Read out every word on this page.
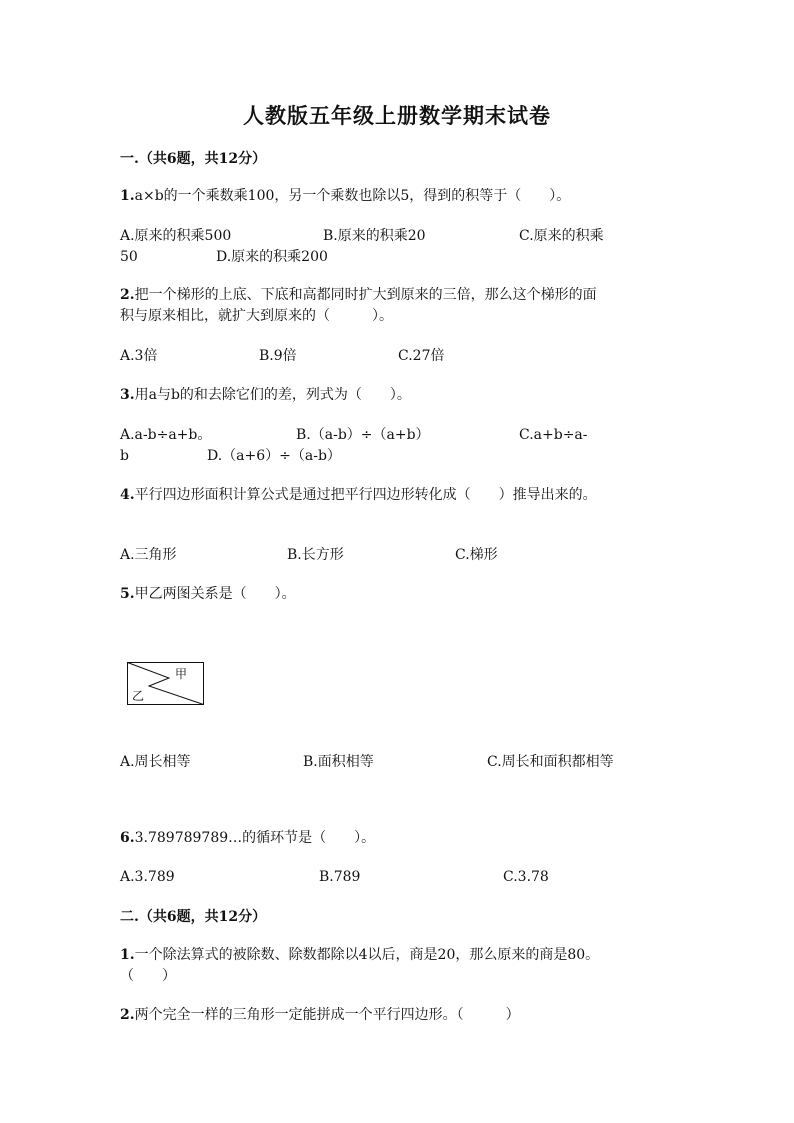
人教版五年级上册数学期末试卷
一.（共6题，共12分）
1.a×b的一个乘数乘100，另一个乘数也除以5，得到的积等于（　　）。
A.原来的积乘500	B.原来的积乘20	C.原来的积乘
50	D.原来的积乘200
2.把一个梯形的上底、下底和高都同时扩大到原来的三倍，那么这个梯形的面
积与原来相比，就扩大到原来的（　　　）。
A.3倍	B.9倍	C.27倍
3.用a与b的和去除它们的差，列式为（　　）。
A.a-b÷a+b。	B.（a-b）÷（a+b）	C.a+b÷a-
b	D.（a+6）÷（a-b）
4.平行四边形面积计算公式是通过把平行四边形转化成（　　）推导出来的。
A.三角形	B.长方形	C.梯形
5.甲乙两图关系是（　　）。
甲
乙
A.周长相等	B.面积相等	C.周长和面积都相等
6.3.789789789…的循环节是（　　）。
A.3.789	B.789	C.3.78
二.（共6题，共12分）
1.一个除法算式的被除数、除数都除以4以后，商是20，那么原来的商是80。
（　　）
2.两个完全一样的三角形一定能拼成一个平行四边形。（　　　）
